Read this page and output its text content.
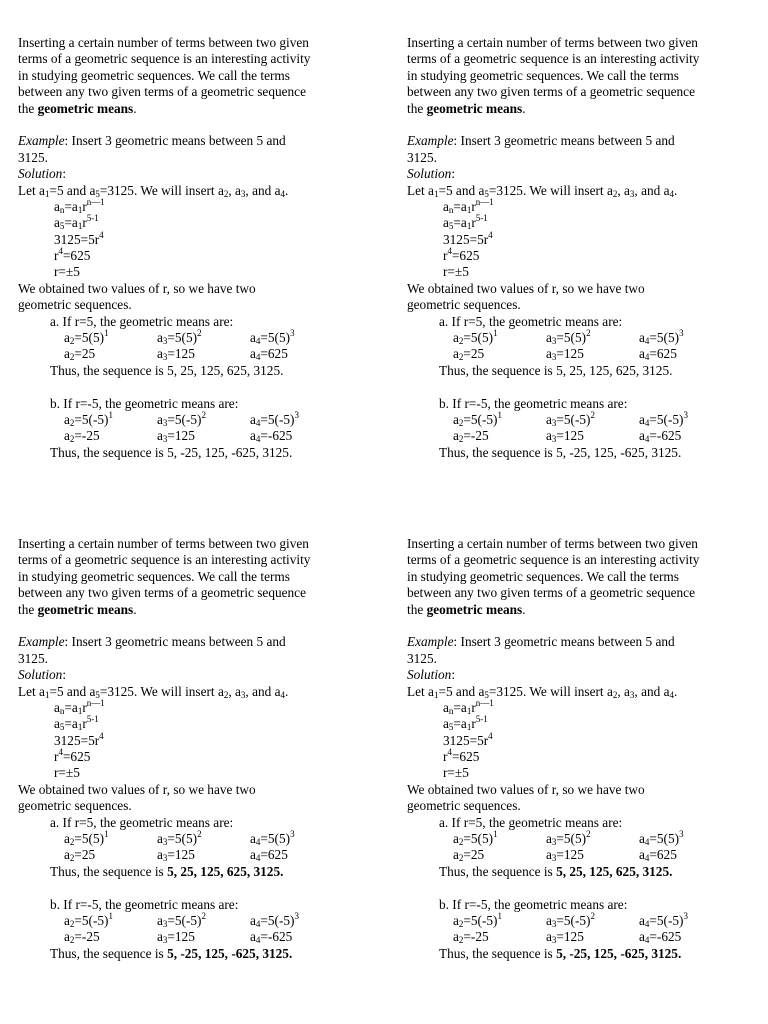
Inserting a certain number of terms between two given
terms of a geometric sequence is an interesting activity
in studying geometric sequences. We call the terms
between any two given terms of a geometric sequence
the geometric means.
Example: Insert 3 geometric means between 5 and
3125.
Solution:
Let $a_1=5$ and $a_5=3125$. We will insert $a_2$, $a_3$, and $a_4$.
$a_n=a_1r^{n—1}$
$a_5=a_1r^{5-1}$
$3125=5r^4$
$r^4=625$
r=±5
We obtained two values of r, so we have two
geometric sequences.
a. If r=5, the geometric means are:
$a_2=5(5)^1$	$a_3=5(5)^2$	$a_4=5(5)^3$
$a_2=25$	$a_3=125$	$a_4=625$
Thus, the sequence is 5, 25, 125, 625, 3125.
b. If r=-5, the geometric means are:
$a_2=5(-5)^1$	$a_3=5(-5)^2$	$a_4=5(-5)^3$
$a_2=-25$	$a_3=125$	$a_4=-625$
Thus, the sequence is 5, -25, 125, -625, 3125.
Inserting a certain number of terms between two given
terms of a geometric sequence is an interesting activity
in studying geometric sequences. We call the terms
between any two given terms of a geometric sequence
the geometric means.
Example: Insert 3 geometric means between 5 and
3125.
Solution:
Let $a_1=5$ and $a_5=3125$. We will insert $a_2$, $a_3$, and $a_4$.
$a_n=a_1r^{n—1}$
$a_5=a_1r^{5-1}$
$3125=5r^4$
$r^4=625$
r=±5
We obtained two values of r, so we have two
geometric sequences.
a. If r=5, the geometric means are:
$a_2=5(5)^1$	$a_3=5(5)^2$	$a_4=5(5)^3$
$a_2=25$	$a_3=125$	$a_4=625$
Thus, the sequence is 5, 25, 125, 625, 3125.
b. If r=-5, the geometric means are:
$a_2=5(-5)^1$	$a_3=5(-5)^2$	$a_4=5(-5)^3$
$a_2=-25$	$a_3=125$	$a_4=-625$
Thus, the sequence is 5, -25, 125, -625, 3125.
Inserting a certain number of terms between two given
terms of a geometric sequence is an interesting activity
in studying geometric sequences. We call the terms
between any two given terms of a geometric sequence
the geometric means.
Example: Insert 3 geometric means between 5 and
3125.
Solution:
Let $a_1=5$ and $a_5=3125$. We will insert $a_2$, $a_3$, and $a_4$.
$a_n=a_1r^{n—1}$
$a_5=a_1r^{5-1}$
$3125=5r^4$
$r^4=625$
r=±5
We obtained two values of r, so we have two
geometric sequences.
a. If r=5, the geometric means are:
$a_2=5(5)^1$	$a_3=5(5)^2$	$a_4=5(5)^3$
$a_2=25$	$a_3=125$	$a_4=625$
Thus, the sequence is 5, 25, 125, 625, 3125.
b. If r=-5, the geometric means are:
$a_2=5(-5)^1$	$a_3=5(-5)^2$	$a_4=5(-5)^3$
$a_2=-25$	$a_3=125$	$a_4=-625$
Thus, the sequence is 5, -25, 125, -625, 3125.
Inserting a certain number of terms between two given
terms of a geometric sequence is an interesting activity
in studying geometric sequences. We call the terms
between any two given terms of a geometric sequence
the geometric means.
Example: Insert 3 geometric means between 5 and
3125.
Solution:
Let $a_1=5$ and $a_5=3125$. We will insert $a_2$, $a_3$, and $a_4$.
$a_n=a_1r^{n—1}$
$a_5=a_1r^{5-1}$
$3125=5r^4$
$r^4=625$
r=±5
We obtained two values of r, so we have two
geometric sequences.
a. If r=5, the geometric means are:
$a_2=5(5)^1$	$a_3=5(5)^2$	$a_4=5(5)^3$
$a_2=25$	$a_3=125$	$a_4=625$
Thus, the sequence is 5, 25, 125, 625, 3125.
b. If r=-5, the geometric means are:
$a_2=5(-5)^1$	$a_3=5(-5)^2$	$a_4=5(-5)^3$
$a_2=-25$	$a_3=125$	$a_4=-625$
Thus, the sequence is 5, -25, 125, -625, 3125.
